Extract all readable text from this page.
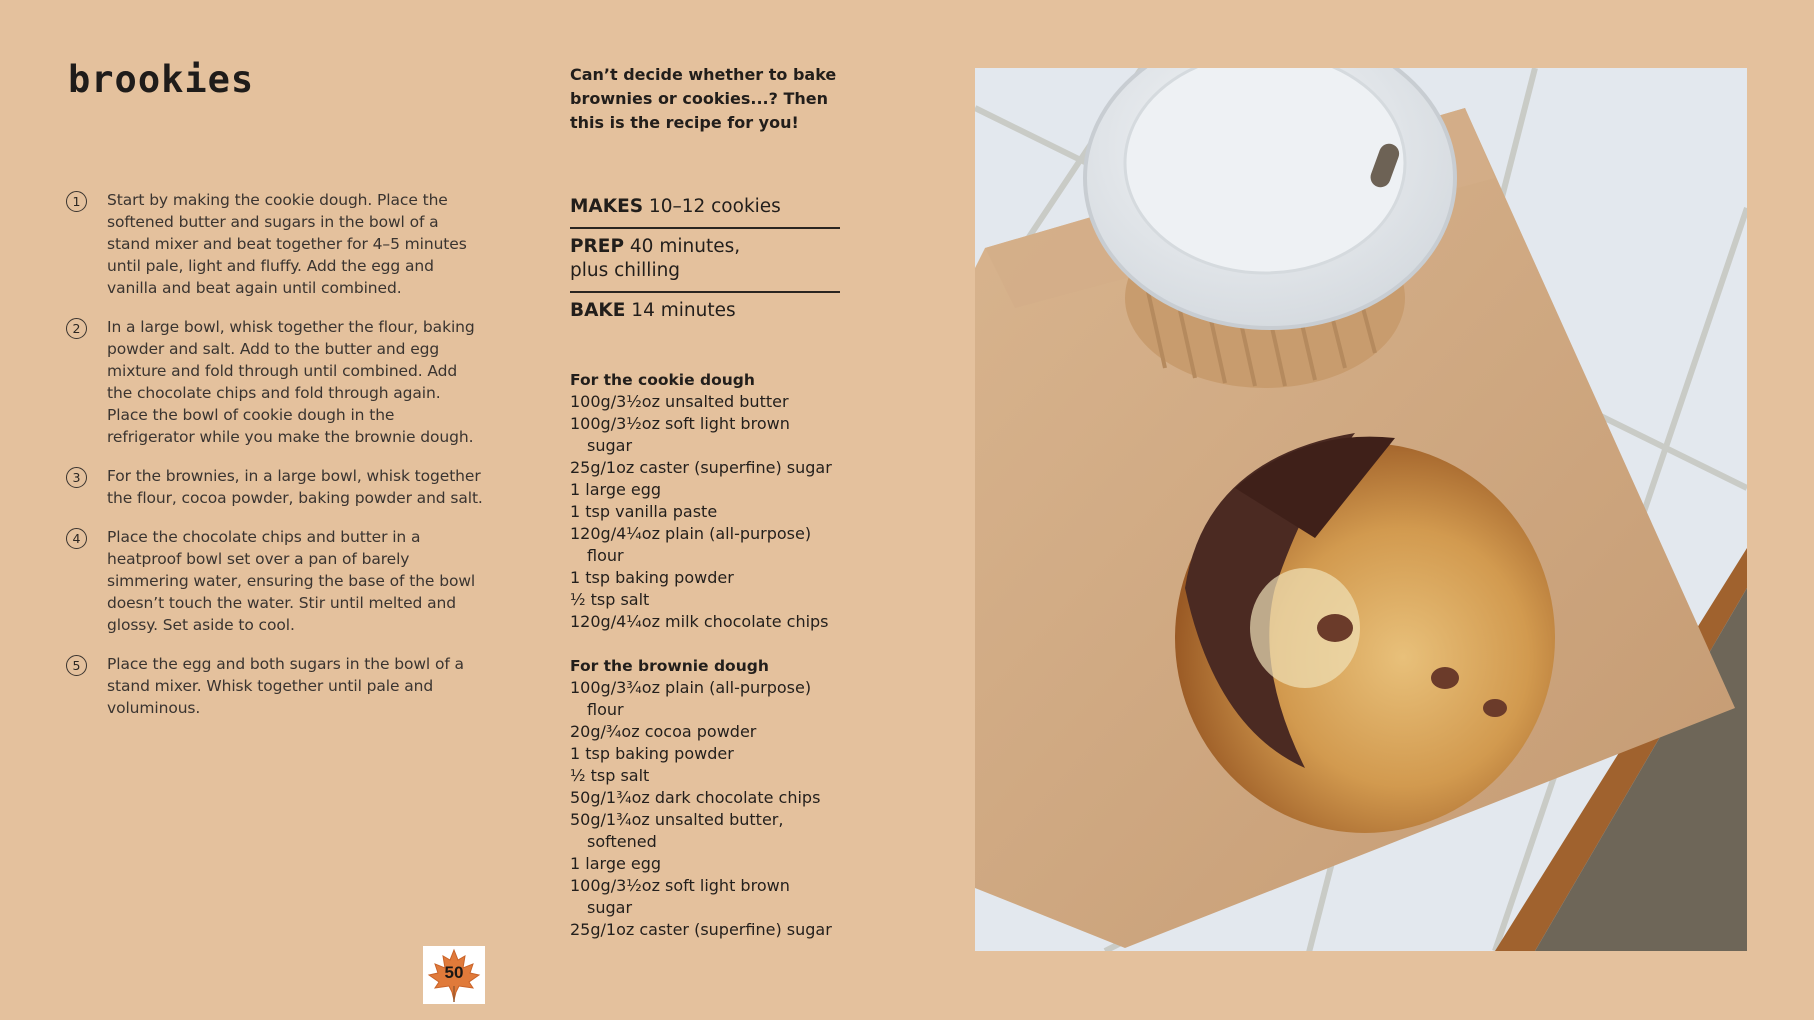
brookies
1	Start by making the cookie dough. Place the softened butter and sugars in the bowl of a stand mixer and beat together for 4–5 minutes until pale, light and fluffy. Add the egg and vanilla and beat again until combined.
2	In a large bowl, whisk together the flour, baking powder and salt. Add to the butter and egg mixture and fold through until combined. Add the chocolate chips and fold through again. Place the bowl of cookie dough in the refrigerator while you make the brownie dough.
3	For the brownies, in a large bowl, whisk together the flour, cocoa powder, baking powder and salt.
4	Place the chocolate chips and butter in a heatproof bowl set over a pan of barely simmering water, ensuring the base of the bowl doesn’t touch the water. Stir until melted and glossy. Set aside to cool.
5	Place the egg and both sugars in the bowl of a stand mixer. Whisk together until pale and voluminous.
Can’t decide whether to bake
brownies or cookies...? Then
this is the recipe for you!
MAKES 10–12 cookies
PREP 40 minutes,
plus chilling
BAKE 14 minutes
For the cookie dough
100g/3½oz unsalted butter
100g/3½oz soft light brown
sugar
25g/1oz caster (superfine) sugar
1 large egg
1 tsp vanilla paste
120g/4¼oz plain (all-purpose)
flour
1 tsp baking powder
½ tsp salt
120g/4¼oz milk chocolate chips
For the brownie dough
100g/3¾oz plain (all-purpose)
flour
20g/¾oz cocoa powder
1 tsp baking powder
½ tsp salt
50g/1¾oz dark chocolate chips
50g/1¾oz unsalted butter,
softened
1 large egg
100g/3½oz soft light brown
sugar
25g/1oz caster (superfine) sugar
50
